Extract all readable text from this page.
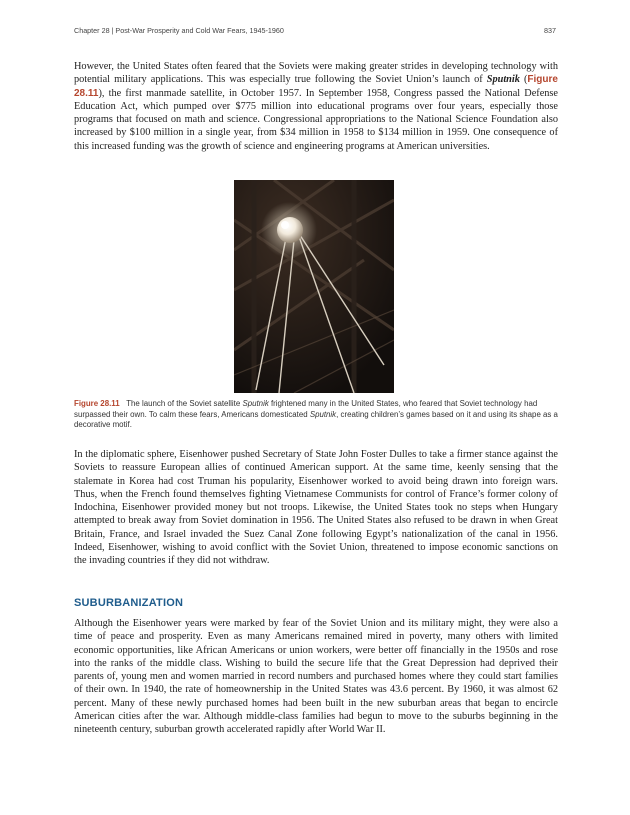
Chapter 28 | Post-War Prosperity and Cold War Fears, 1945-1960	837

However, the United States often feared that the Soviets were making greater strides in developing technology with potential military applications. This was especially true following the Soviet Union’s launch of Sputnik (Figure 28.11), the first manmade satellite, in October 1957. In September 1958, Congress passed the National Defense Education Act, which pumped over $775 million into educational programs over four years, especially those programs that focused on math and science. Congressional appropriations to the National Science Foundation also increased by $100 million in a single year, from $34 million in 1958 to $134 million in 1959. One consequence of this increased funding was the growth of science and engineering programs at American universities.

Figure 28.11 The launch of the Soviet satellite Sputnik frightened many in the United States, who feared that Soviet technology had surpassed their own. To calm these fears, Americans domesticated Sputnik, creating children’s games based on it and using its shape as a decorative motif.

In the diplomatic sphere, Eisenhower pushed Secretary of State John Foster Dulles to take a firmer stance against the Soviets to reassure European allies of continued American support. At the same time, keenly sensing that the stalemate in Korea had cost Truman his popularity, Eisenhower worked to avoid being drawn into foreign wars. Thus, when the French found themselves fighting Vietnamese Communists for control of France’s former colony of Indochina, Eisenhower provided money but not troops. Likewise, the United States took no steps when Hungary attempted to break away from Soviet domination in 1956. The United States also refused to be drawn in when Great Britain, France, and Israel invaded the Suez Canal Zone following Egypt’s nationalization of the canal in 1956. Indeed, Eisenhower, wishing to avoid conflict with the Soviet Union, threatened to impose economic sanctions on the invading countries if they did not withdraw.

SUBURBANIZATION

Although the Eisenhower years were marked by fear of the Soviet Union and its military might, they were also a time of peace and prosperity. Even as many Americans remained mired in poverty, many others with limited economic opportunities, like African Americans or union workers, were better off financially in the 1950s and rose into the ranks of the middle class. Wishing to build the secure life that the Great Depression had deprived their parents of, young men and women married in record numbers and purchased homes where they could start families of their own. In 1940, the rate of homeownership in the United States was 43.6 percent. By 1960, it was almost 62 percent. Many of these newly purchased homes had been built in the new suburban areas that began to encircle American cities after the war. Although middle-class families had begun to move to the suburbs beginning in the nineteenth century, suburban growth accelerated rapidly after World War II.
